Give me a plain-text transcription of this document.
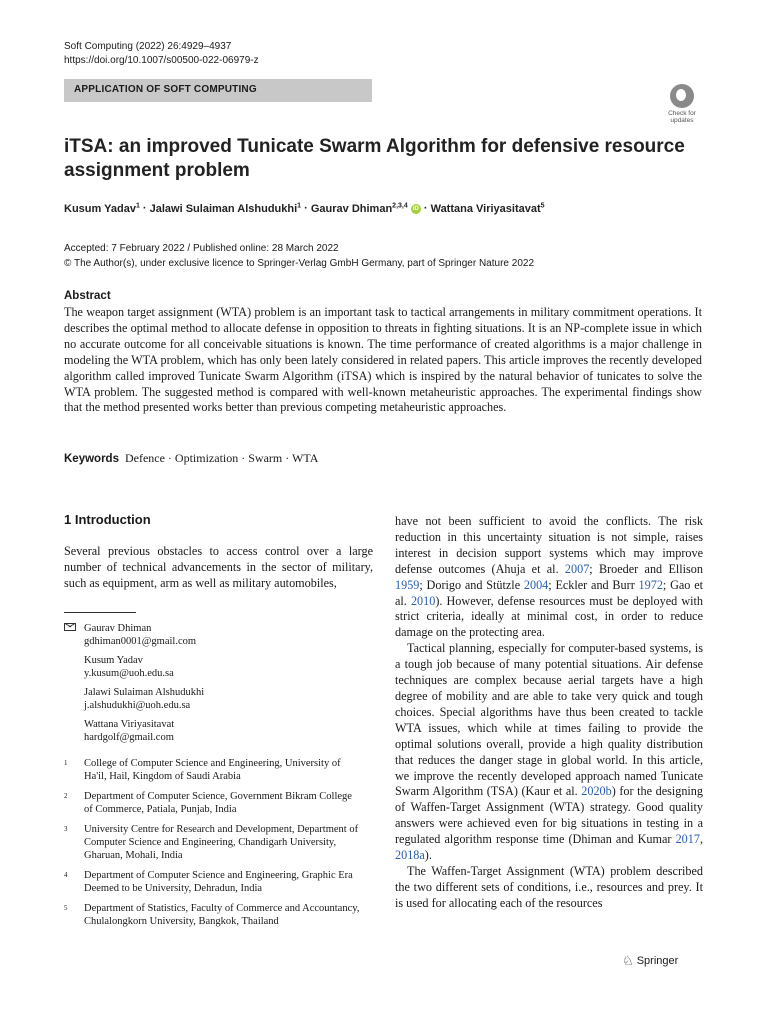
Soft Computing (2022) 26:4929–4937
https://doi.org/10.1007/s00500-022-06979-z
APPLICATION OF SOFT COMPUTING
Check for
updates
iTSA: an improved Tunicate Swarm Algorithm for defensive resource assignment problem
Kusum Yadav$^1$ · Jalawi Sulaiman Alshudukhi$^1$ · Gaurav Dhiman$^{2,3,4}$ iD · Wattana Viriyasitavat$^5$
Accepted: 7 February 2022 / Published online: 28 March 2022
© The Author(s), under exclusive licence to Springer-Verlag GmbH Germany, part of Springer Nature 2022
Abstract

The weapon target assignment (WTA) problem is an important task to tactical arrangements in military commitment operations. It describes the optimal method to allocate defense in opposition to threats in fighting situations. It is an NP-complete issue in which no accurate outcome for all conceivable situations is known. The time performance of created algorithms is a major challenge in modeling the WTA problem, which has only been lately considered in related papers. This article improves the recently developed algorithm called improved Tunicate Swarm Algorithm (iTSA) which is inspired by the natural behavior of tunicates to solve the WTA problem. The suggested method is compared with well-known metaheuristic approaches. The experimental findings show that the method presented works better than previous competing metaheuristic approaches.

Keywords Defence · Optimization · Swarm · WTA
1 Introduction

Several previous obstacles to access control over a large number of technical advancements in the sector of military, such as equipment, arm as well as military automobiles,

Gaurav Dhiman
gdhiman0001@gmail.com
Kusum Yadav
y.kusum@uoh.edu.sa
Jalawi Sulaiman Alshudukhi
j.alshudukhi@uoh.edu.sa
Wattana Viriyasitavat
hardgolf@gmail.com
1 College of Computer Science and Engineering, University of Ha'il, Hail, Kingdom of Saudi Arabia
2 Department of Computer Science, Government Bikram College of Commerce, Patiala, Punjab, India
3 University Centre for Research and Development, Department of Computer Science and Engineering, Chandigarh University, Gharuan, Mohali, India
4 Department of Computer Science and Engineering, Graphic Era Deemed to be University, Dehradun, India
5 Department of Statistics, Faculty of Commerce and Accountancy, Chulalongkorn University, Bangkok, Thailand

have not been sufficient to avoid the conflicts. The risk reduction in this uncertainty situation is not simple, raises interest in decision support systems which may improve defense outcomes (Ahuja et al. 2007; Broeder and Ellison 1959; Dorigo and Stützle 2004; Eckler and Burr 1972; Gao et al. 2010). However, defense resources must be deployed with strict criteria, ideally at minimal cost, in order to reduce damage on the protecting area.

Tactical planning, especially for computer-based systems, is a tough job because of many potential situations. Air defense techniques are complex because aerial targets have a high degree of mobility and are able to take very quick and tough choices. Special algorithms have thus been created to tackle WTA issues, which while at times failing to provide the optimal solutions overall, provide a high quality distribution that reduces the danger stage in global world. In this article, we improve the recently developed approach named Tunicate Swarm Algorithm (TSA) (Kaur et al. 2020b) for the designing of Waffen-Target Assignment (WTA) strategy. Good quality answers were achieved even for big situations in testing in a regulated algorithm response time (Dhiman and Kumar 2017, 2018a).

The Waffen-Target Assignment (WTA) problem described the two different sets of conditions, i.e., resources and prey. It is used for allocating each of the resources

♘ Springer
